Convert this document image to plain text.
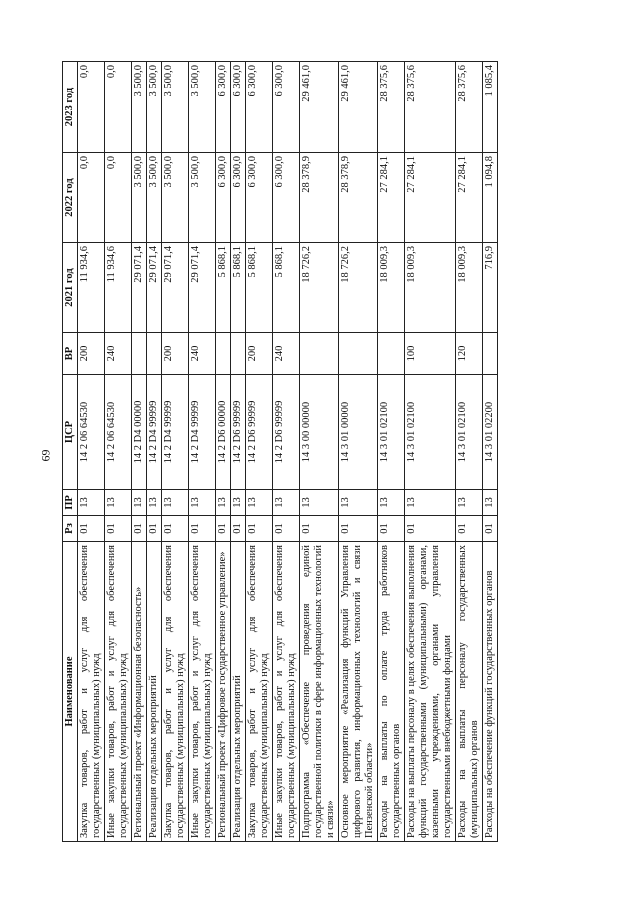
69
Наименование	Рз	ПР	ЦСР	ВР	2021 год	2022 год	2023 год
Закупка товаров, работ и услуг для обеспечения государственных (муниципальных) нужд	01	13	14 2 06 64530	200	11 934,6	0,0	0,0
Иные закупки товаров, работ и услуг для обеспечения государственных (муниципальных) нужд	01	13	14 2 06 64530	240	11 934,6	0,0	0,0
Региональный проект «Информационная безопасность»	01	13	14 2 D4 00000		29 071,4	3 500,0	3 500,0
Реализация отдельных мероприятий	01	13	14 2 D4 99999		29 071,4	3 500,0	3 500,0
Закупка товаров, работ и услуг для обеспечения государственных (муниципальных) нужд	01	13	14 2 D4 99999	200	29 071,4	3 500,0	3 500,0
Иные закупки товаров, работ и услуг для обеспечения государственных (муниципальных) нужд	01	13	14 2 D4 99999	240	29 071,4	3 500,0	3 500,0
Региональный проект «Цифровое государственное управление»	01	13	14 2 D6 00000		5 868,1	6 300,0	6 300,0
Реализация отдельных мероприятий	01	13	14 2 D6 99999		5 868,1	6 300,0	6 300,0
Закупка товаров, работ и услуг для обеспечения государственных (муниципальных) нужд	01	13	14 2 D6 99999	200	5 868,1	6 300,0	6 300,0
Иные закупки товаров, работ и услуг для обеспечения государственных (муниципальных) нужд	01	13	14 2 D6 99999	240	5 868,1	6 300,0	6 300,0
Подпрограмма «Обеспечение проведения единой государственной политики в сфере информационных технологий и связи»	01	13	14 3 00 00000		18 726,2	28 378,9	29 461,0
Основное мероприятие «Реализация функций Управления цифрового развития, информационных технологий и связи Пензенской области»	01	13	14 3 01 00000		18 726,2	28 378,9	29 461,0
Расходы на выплаты по оплате труда работников государственных органов	01	13	14 3 01 02100		18 009,3	27 284,1	28 375,6
Расходы на выплаты персоналу в целях обеспечения выполнения функций государственными (муниципальными) органами, казенными учреждениями, органами управления государственными внебюджетными фондами	01	13	14 3 01 02100	100	18 009,3	27 284,1	28 375,6
Расходы на выплаты персоналу государственных (муниципальных) органов	01	13	14 3 01 02100	120	18 009,3	27 284,1	28 375,6
Расходы на обеспечение функций государственных органов	01	13	14 3 01 02200		716,9	1 094,8	1 085,4
